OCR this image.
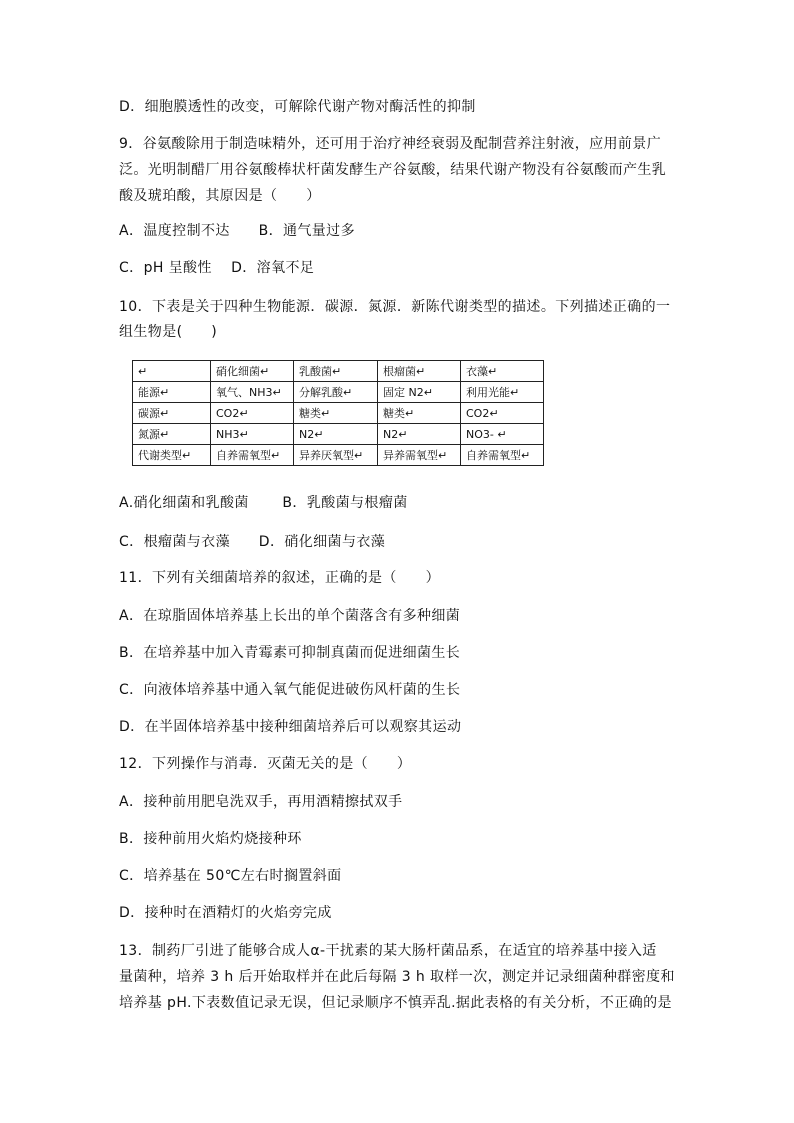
D．细胞膜透性的改变，可解除代谢产物对酶活性的抑制
9．谷氨酸除用于制造味精外，还可用于治疗神经衰弱及配制营养注射液，应用前景广
泛。光明制醋厂用谷氨酸棒状杆菌发酵生产谷氨酸，结果代谢产物没有谷氨酸而产生乳
酸及琥珀酸，其原因是（　　）
A．温度控制不达　　B．通气量过多
C．pH 呈酸性　 D．溶氧不足
10．下表是关于四种生物能源．碳源．氮源．新陈代谢类型的描述。下列描述正确的一
组生物是(　　)
↵	硝化细菌↵	乳酸菌↵	根瘤菌↵	衣藻↵
能源↵	氧气、NH3↵	分解乳酸↵	固定 N2↵	利用光能↵
碳源↵	CO2↵	糖类↵	糖类↵	CO2↵
氮源↵	NH3↵	N2↵	N2↵	NO3- ↵
代谢类型↵	自养需氧型↵	异养厌氧型↵	异养需氧型↵	自养需氧型↵
A.硝化细菌和乳酸菌　　 B．乳酸菌与根瘤菌
C．根瘤菌与衣藻　　D．硝化细菌与衣藻
11．下列有关细菌培养的叙述，正确的是（　　）
A．在琼脂固体培养基上长出的单个菌落含有多种细菌
B．在培养基中加入青霉素可抑制真菌而促进细菌生长
C．向液体培养基中通入氧气能促进破伤风杆菌的生长
D．在半固体培养基中接种细菌培养后可以观察其运动
12．下列操作与消毒．灭菌无关的是（　　）
A．接种前用肥皂洗双手，再用酒精擦拭双手
B．接种前用火焰灼烧接种环
C．培养基在 50℃左右时搁置斜面
D．接种时在酒精灯的火焰旁完成
13．制药厂引进了能够合成人α-干扰素的某大肠杆菌品系，在适宜的培养基中接入适
量菌种，培养 3 h 后开始取样并在此后每隔 3 h 取样一次，测定并记录细菌种群密度和
培养基 pH.下表数值记录无误，但记录顺序不慎弄乱.据此表格的有关分析，不正确的是
